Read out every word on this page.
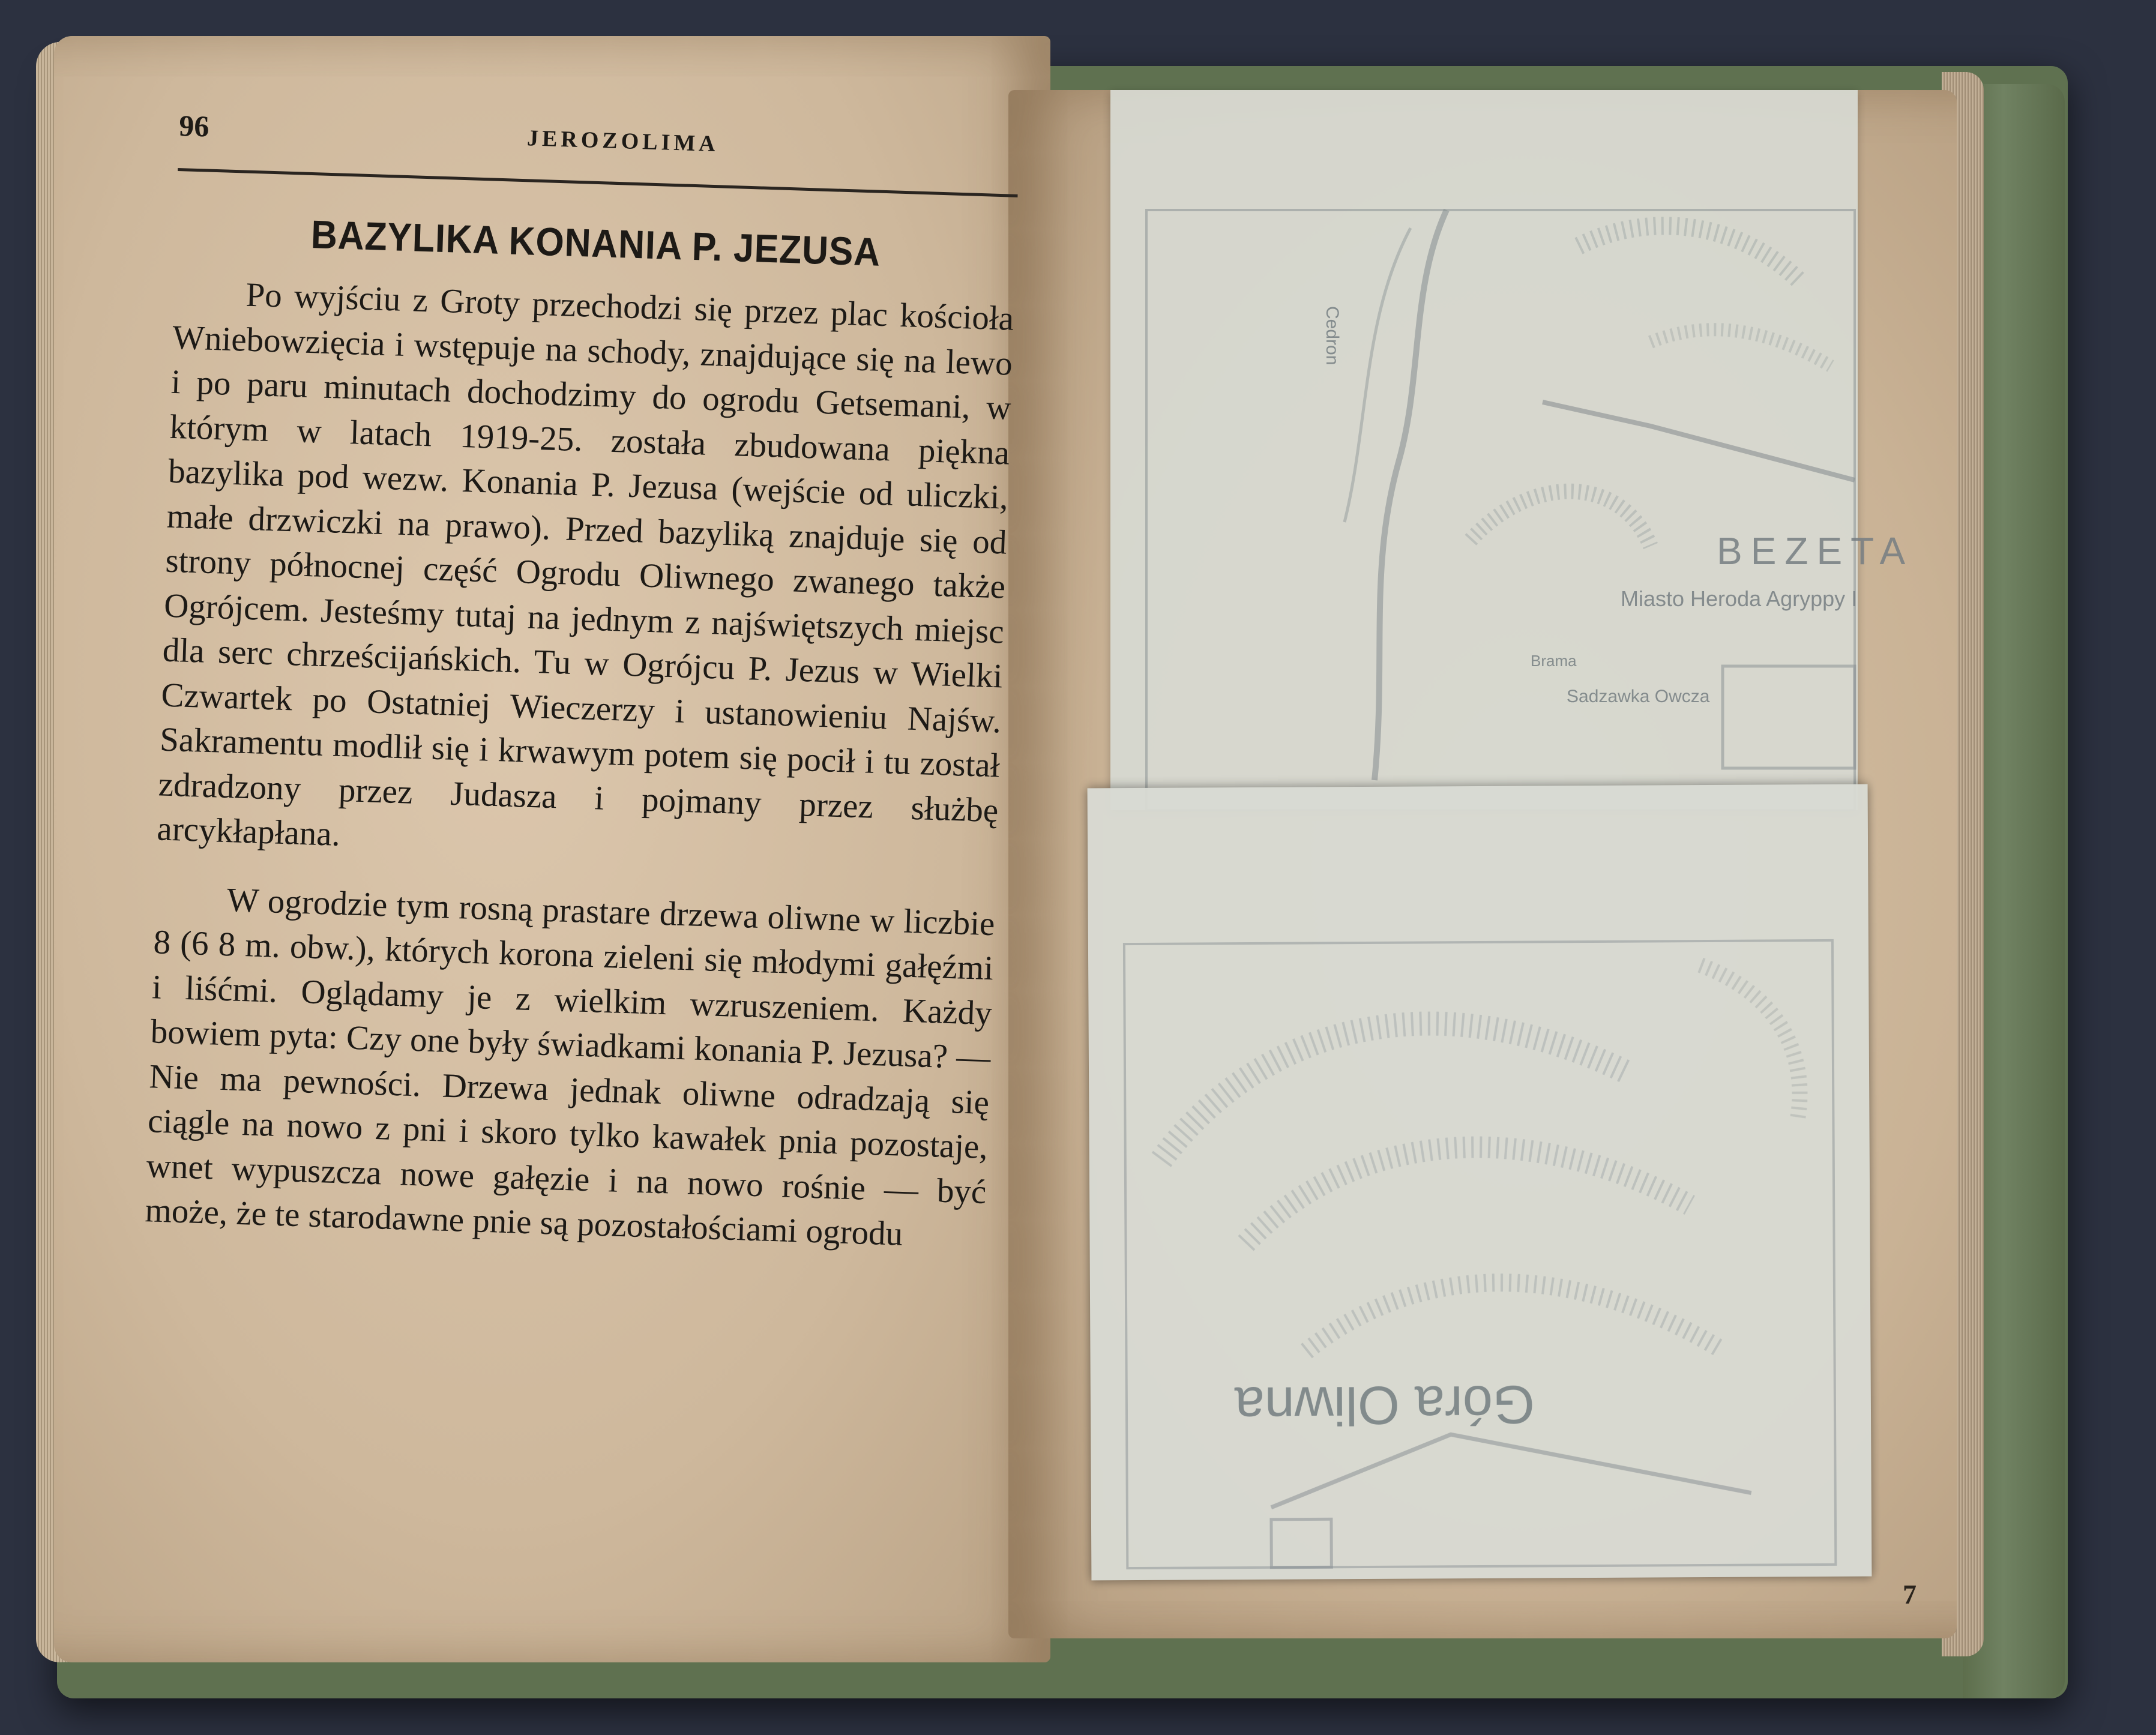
96	JEROZOLIMA
BAZYLIKA KONANIA P. JEZUSA

Po wyjściu z Groty przechodzi się przez plac kościoła Wniebowzięcia i wstępuje na schody, znajdujące się na lewo i po paru minutach dochodzimy do ogrodu Getsemani, w którym w latach 1919-25. została zbudowana piękna bazylika pod wezw. Konania P. Jezusa (wejście od uliczki, małe drzwiczki na prawo). Przed bazyliką znajduje się od strony północnej część Ogrodu Oliwnego zwanego także Ogrójcem. Jesteśmy tutaj na jednym z najświętszych miejsc dla serc chrześcijańskich. Tu w Ogrójcu P. Jezus w Wielki Czwartek po Ostatniej Wieczerzy i ustanowieniu Najśw. Sakramentu modlił się i krwawym potem się pocił i tu został zdradzony przez Judasza i pojmany przez służbę arcykłapłana.

W ogrodzie tym rosną prastare drzewa oliwne w liczbie 8 (6 8 m. obw.), których korona zieleni się młodymi gałęźmi i liśćmi. Oglądamy je z wielkim wzruszeniem. Każdy bowiem pyta: Czy one były świadkami konania P. Jezusa? — Nie ma pewności. Drzewa jednak oliwne odradzają się ciągle na nowo z pni i skoro tylko kawałek pnia pozostaje, wnet wypuszcza nowe gałęzie i na nowo rośnie — być może, że te starodawne pnie są pozostałościami ogrodu

BEZETA
Miasto Heroda Agryppy I
Sadzawka Owcza
Brama
Cedron
Góra Oliwna
7
